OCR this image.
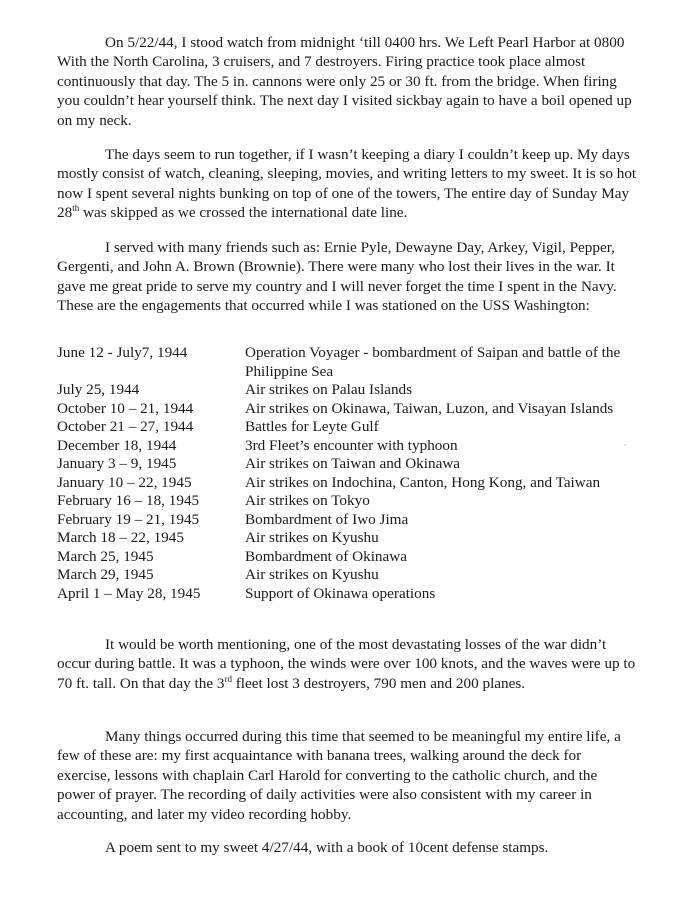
On 5/22/44, I stood watch from midnight ‘till 0400 hrs. We Left Pearl Harbor at 0800 With the North Carolina, 3 cruisers, and 7 destroyers. Firing practice took place almost continuously that day. The 5 in. cannons were only 25 or 30 ft. from the bridge. When firing you couldn’t hear yourself think. The next day I visited sickbay again to have a boil opened up on my neck.

The days seem to run together, if I wasn’t keeping a diary I couldn’t keep up. My days mostly consist of watch, cleaning, sleeping, movies, and writing letters to my sweet. It is so hot now I spent several nights bunking on top of one of the towers, The entire day of Sunday May 28th was skipped as we crossed the international date line.

I served with many friends such as: Ernie Pyle, Dewayne Day, Arkey, Vigil, Pepper, Gergenti, and John A. Brown (Brownie). There were many who lost their lives in the war. It gave me great pride to serve my country and I will never forget the time I spent in the Navy. These are the engagements that occurred while I was stationed on the USS Washington:

June 12 - July7, 1944	Operation Voyager - bombardment of Saipan and battle of the Philippine Sea
July 25, 1944	Air strikes on Palau Islands
October 10 – 21, 1944	Air strikes on Okinawa, Taiwan, Luzon, and Visayan Islands
October 21 – 27, 1944	Battles for Leyte Gulf
December 18, 1944	3rd Fleet’s encounter with typhoon
January 3 – 9, 1945	Air strikes on Taiwan and Okinawa
January 10 – 22, 1945	Air strikes on Indochina, Canton, Hong Kong, and Taiwan
February 16 – 18, 1945	Air strikes on Tokyo
February 19 – 21, 1945	Bombardment of Iwo Jima
March 18 – 22, 1945	Air strikes on Kyushu
March 25, 1945	Bombardment of Okinawa
March 29, 1945	Air strikes on Kyushu
April 1 – May 28, 1945	Support of Okinawa operations

It would be worth mentioning, one of the most devastating losses of the war didn’t occur during battle. It was a typhoon, the winds were over 100 knots, and the waves were up to 70 ft. tall. On that day the 3rd fleet lost 3 destroyers, 790 men and 200 planes.

Many things occurred during this time that seemed to be meaningful my entire life, a few of these are: my first acquaintance with banana trees, walking around the deck for exercise, lessons with chaplain Carl Harold for converting to the catholic church, and the power of prayer. The recording of daily activities were also consistent with my career in accounting, and later my video recording hobby.

A poem sent to my sweet 4/27/44, with a book of 10cent defense stamps.
